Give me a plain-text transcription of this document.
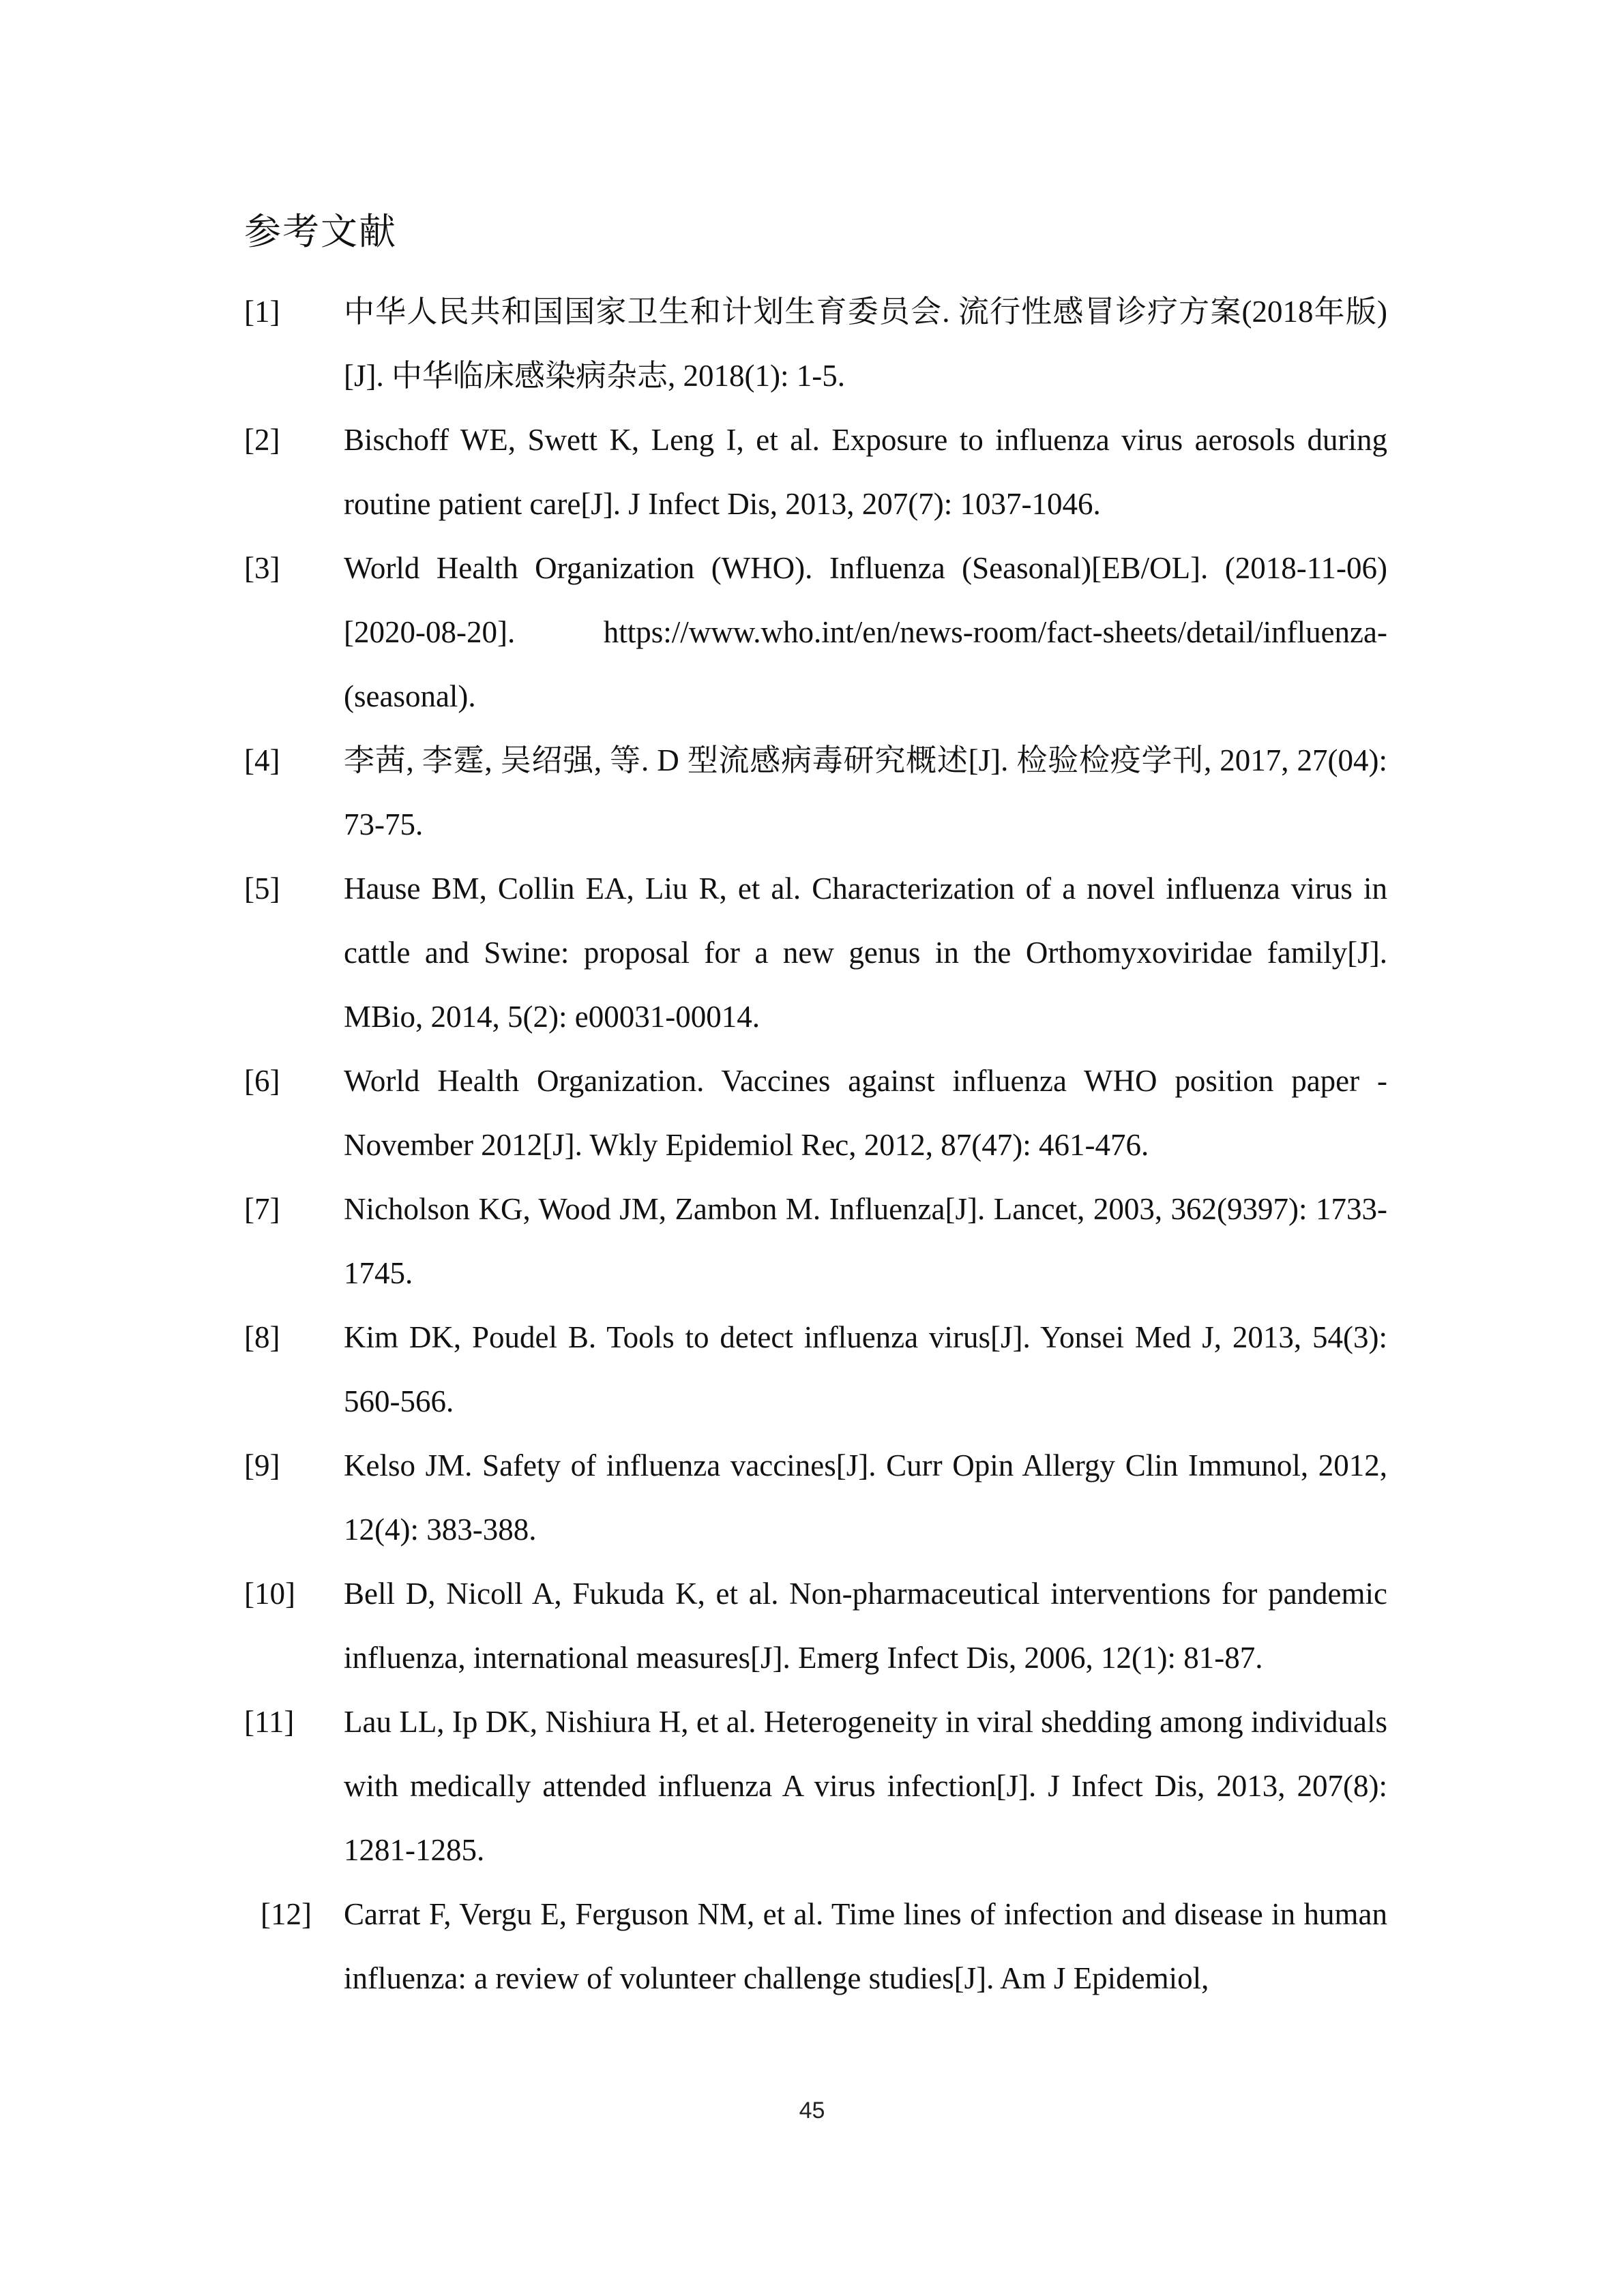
参考文献
[1] 中华人民共和国国家卫生和计划生育委员会. 流行性感冒诊疗方案(2018年版)[J]. 中华临床感染病杂志, 2018(1): 1-5.
[2] Bischoff WE, Swett K, Leng I, et al. Exposure to influenza virus aerosols during routine patient care[J]. J Infect Dis, 2013, 207(7): 1037-1046.
[3] World Health Organization (WHO). Influenza (Seasonal)[EB/OL]. (2018-11-06) [2020-08-20]. https://www.who.int/en/news-room/fact-sheets/detail/influenza-(seasonal).
[4] 李茜, 李霆, 吴绍强, 等. D 型流感病毒研究概述[J]. 检验检疫学刊, 2017, 27(04): 73-75.
[5] Hause BM, Collin EA, Liu R, et al. Characterization of a novel influenza virus in cattle and Swine: proposal for a new genus in the Orthomyxoviridae family[J]. MBio, 2014, 5(2): e00031-00014.
[6] World Health Organization. Vaccines against influenza WHO position paper - November 2012[J]. Wkly Epidemiol Rec, 2012, 87(47): 461-476.
[7] Nicholson KG, Wood JM, Zambon M. Influenza[J]. Lancet, 2003, 362(9397): 1733-1745.
[8] Kim DK, Poudel B. Tools to detect influenza virus[J]. Yonsei Med J, 2013, 54(3): 560-566.
[9] Kelso JM. Safety of influenza vaccines[J]. Curr Opin Allergy Clin Immunol, 2012, 12(4): 383-388.
[10] Bell D, Nicoll A, Fukuda K, et al. Non-pharmaceutical interventions for pandemic influenza, international measures[J]. Emerg Infect Dis, 2006, 12(1): 81-87.
[11] Lau LL, Ip DK, Nishiura H, et al. Heterogeneity in viral shedding among individuals with medically attended influenza A virus infection[J]. J Infect Dis, 2013, 207(8): 1281-1285.
[12] Carrat F, Vergu E, Ferguson NM, et al. Time lines of infection and disease in human influenza: a review of volunteer challenge studies[J]. Am J Epidemiol,
45
